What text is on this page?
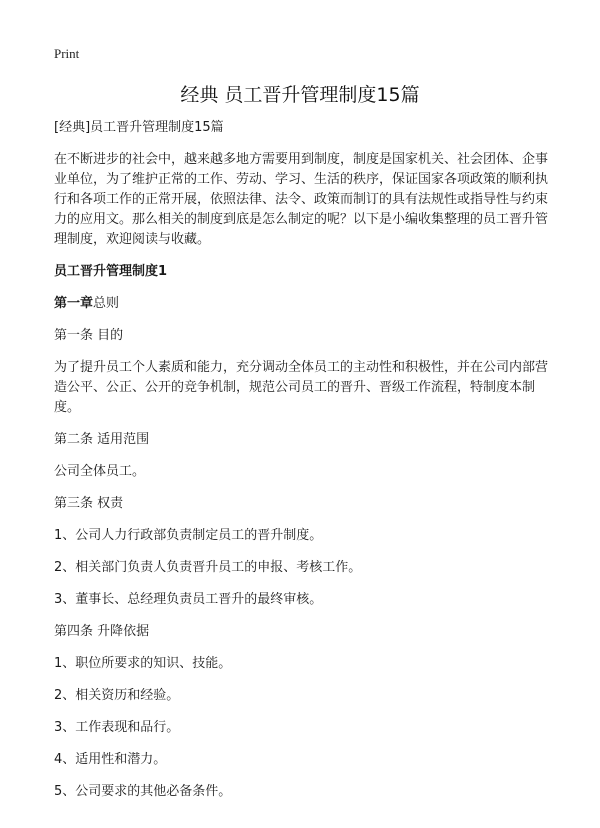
Print
经典 员工晋升管理制度15篇

[经典]员工晋升管理制度15篇

在不断进步的社会中，越来越多地方需要用到制度，制度是国家机关、社会团体、企事业单位，为了维护正常的工作、劳动、学习、生活的秩序，保证国家各项政策的顺利执行和各项工作的正常开展，依照法律、法令、政策而制订的具有法规性或指导性与约束力的应用文。那么相关的制度到底是怎么制定的呢？以下是小编收集整理的员工晋升管理制度，欢迎阅读与收藏。

员工晋升管理制度1

第一章总则

第一条 目的

为了提升员工个人素质和能力，充分调动全体员工的主动性和积极性，并在公司内部营造公平、公正、公开的竞争机制，规范公司员工的晋升、晋级工作流程，特制度本制度。

第二条 适用范围

公司全体员工。

第三条 权责

1、公司人力行政部负责制定员工的晋升制度。

2、相关部门负责人负责晋升员工的申报、考核工作。

3、董事长、总经理负责员工晋升的最终审核。

第四条 升降依据

1、职位所要求的知识、技能。

2、相关资历和经验。

3、工作表现和品行。

4、适用性和潜力。

5、公司要求的其他必备条件。
